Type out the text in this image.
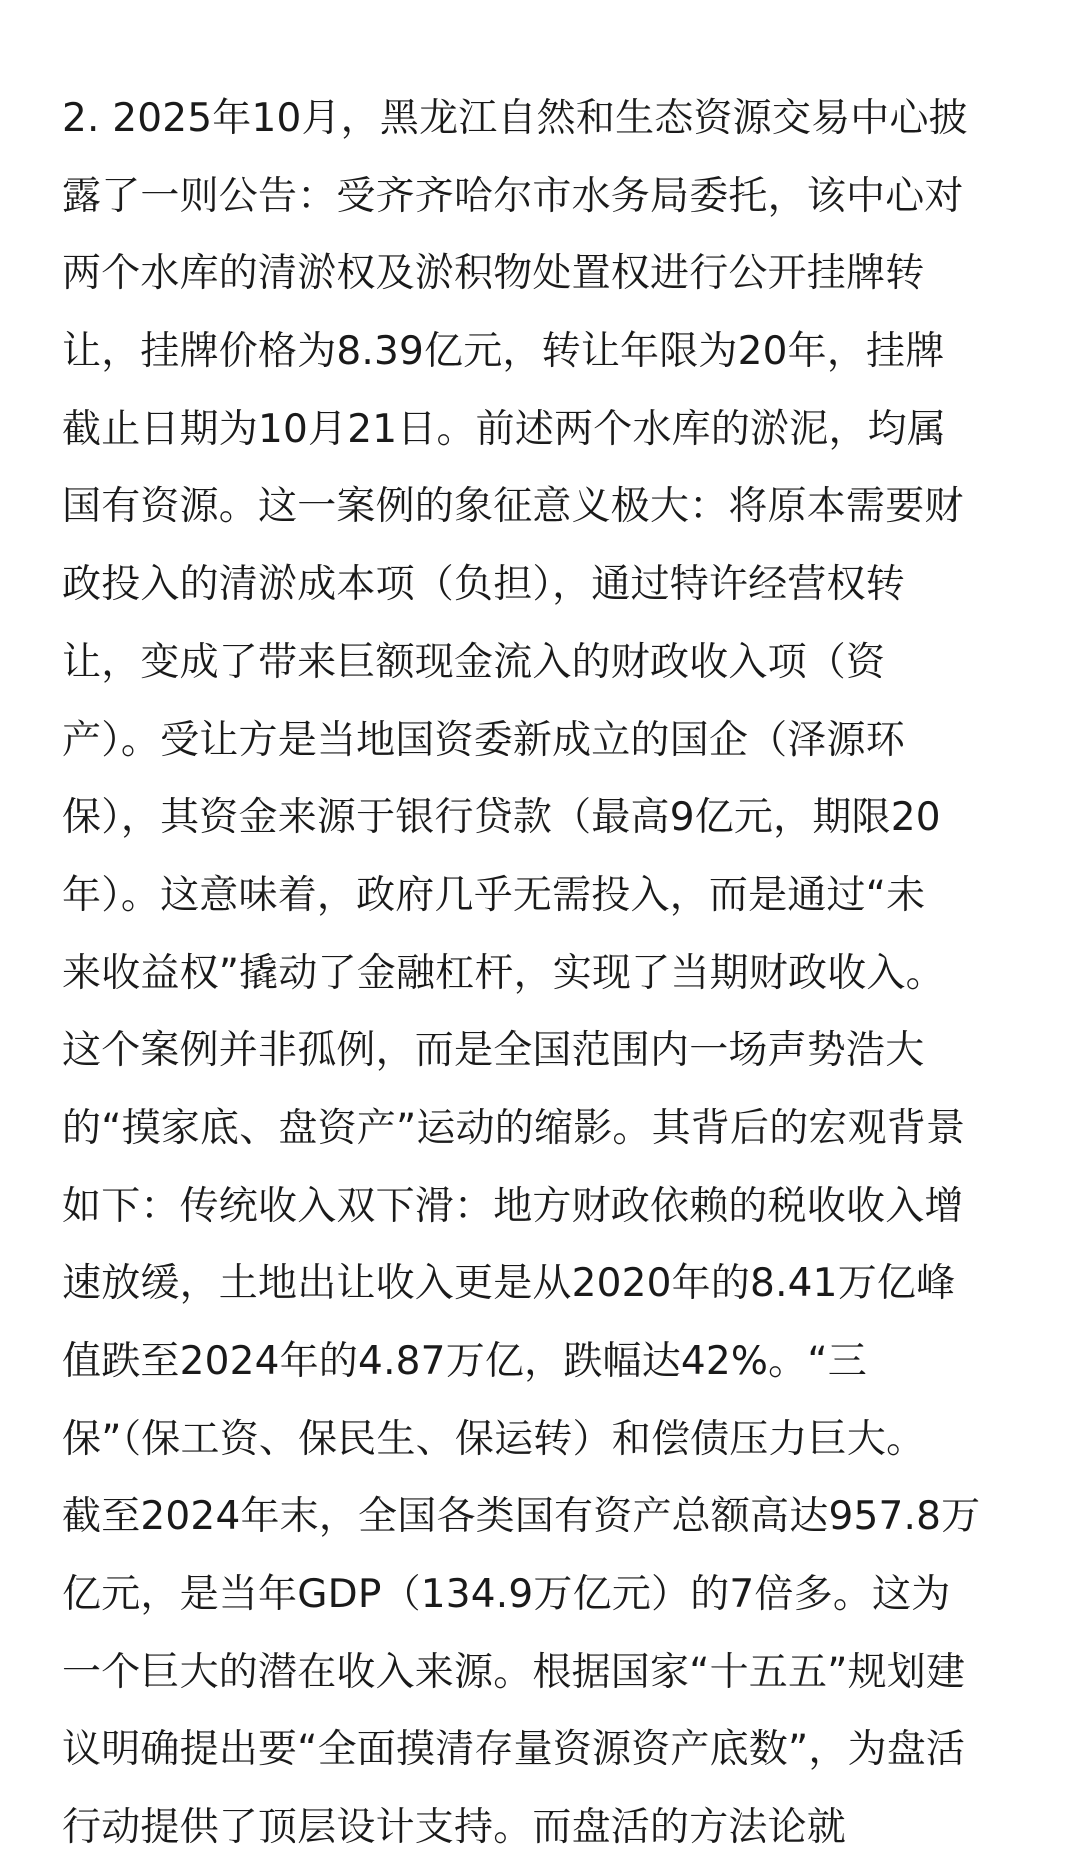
2. 2025年10月，黑龙江自然和生态资源交易中心披
露了一则公告：受齐齐哈尔市水务局委托，该中心对
两个水库的清淤权及淤积物处置权进行公开挂牌转
让，挂牌价格为8.39亿元，转让年限为20年，挂牌
截止日期为10月21日。前述两个水库的淤泥，均属
国有资源。这一案例的象征意义极大：将原本需要财
政投入的清淤成本项（负担），通过特许经营权转
让，变成了带来巨额现金流入的财政收入项（资
产）。受让方是当地国资委新成立的国企（泽源环
保），其资金来源于银行贷款（最高9亿元，期限20
年）。这意味着，政府几乎无需投入，而是通过“未
来收益权”撬动了金融杠杆，实现了当期财政收入。
这个案例并非孤例，而是全国范围内一场声势浩大
的“摸家底、盘资产”运动的缩影。其背后的宏观背景
如下：传统收入双下滑：地方财政依赖的税收收入增
速放缓，土地出让收入更是从2020年的8.41万亿峰
值跌至2024年的4.87万亿，跌幅达42%。“三
保”（保工资、保民生、保运转）和偿债压力巨大。
截至2024年末，全国各类国有资产总额高达957.8万
亿元，是当年GDP（134.9万亿元）的7倍多。这为
一个巨大的潜在收入来源。根据国家“十五五”规划建
议明确提出要“全面摸清存量资源资产底数”，为盘活
行动提供了顶层设计支持。而盘活的方法论就
